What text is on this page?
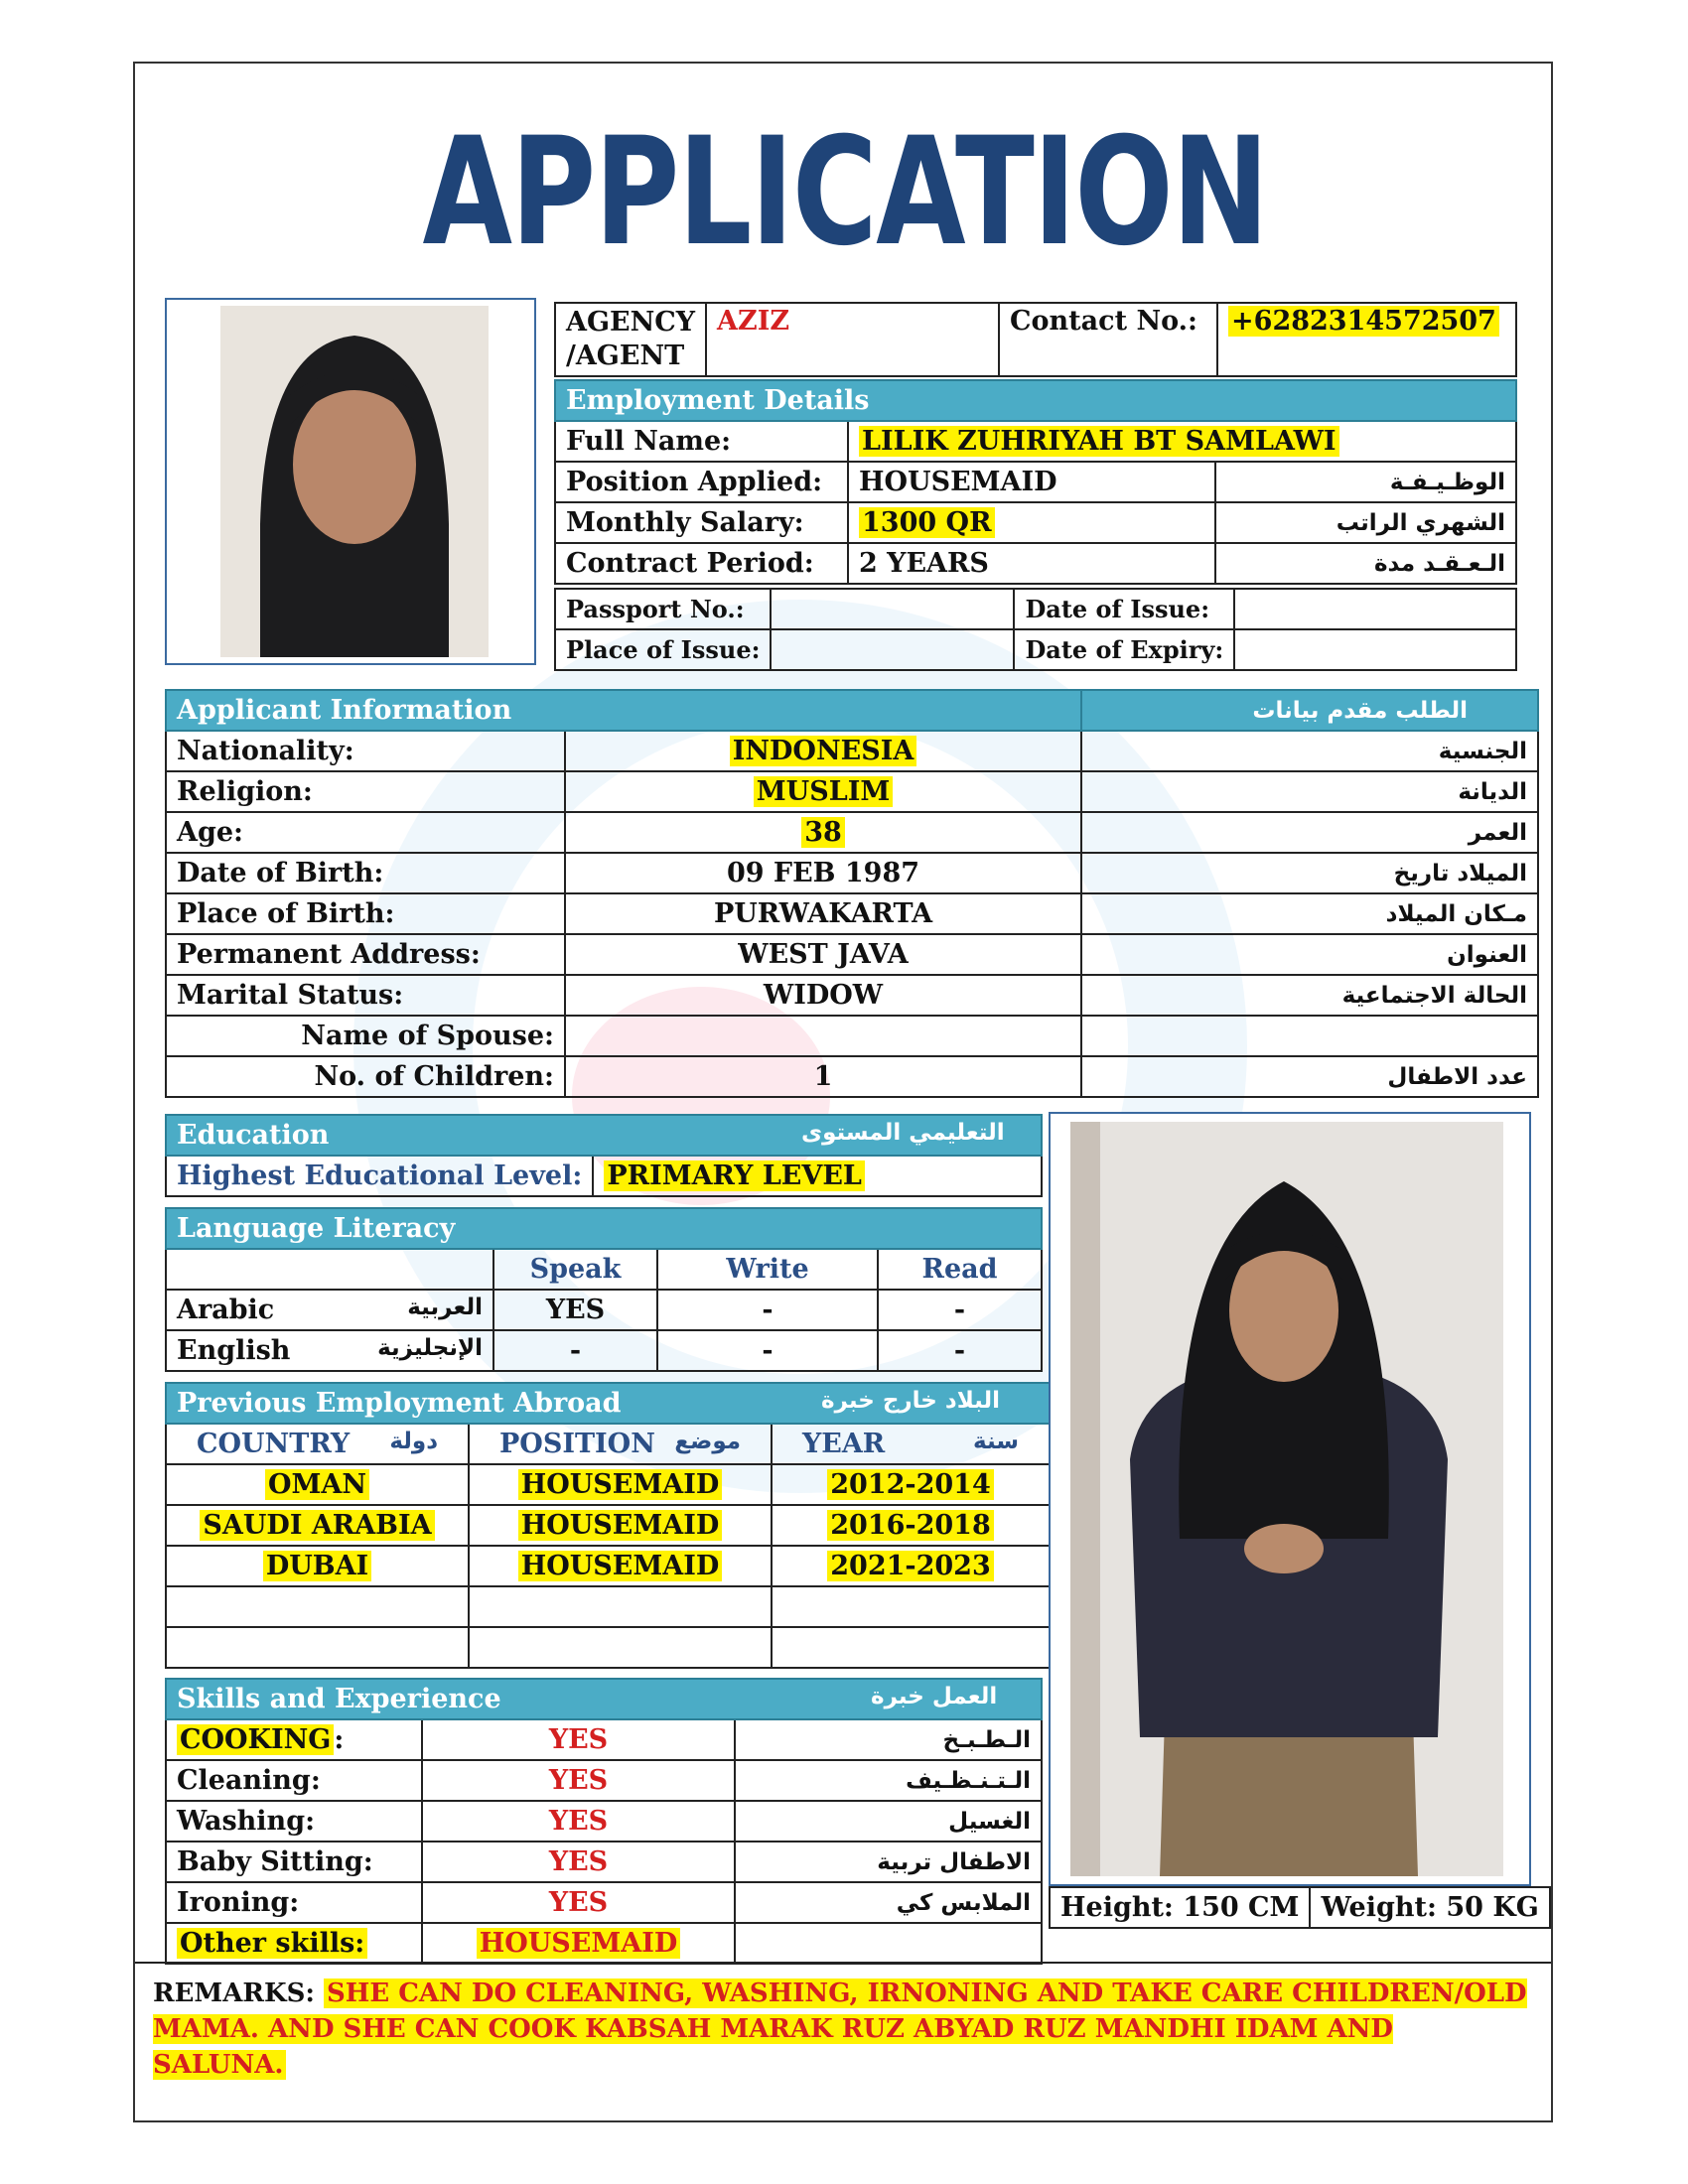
APPLICATION
AGENCY /AGENT	AZIZ	Contact No.:	+6282314572507
Employment Details		
Full Name:	LILIK ZUHRIYAH BT SAMLAWI	
Position Applied:	HOUSEMAID	الوظـيـفـة
Monthly Salary:	1300 QR	الشهري الراتب
Contract Period:	2 YEARS	الـعـقـد مدة
Passport No.:		Date of Issue:	
Place of Issue:		Date of Expiry:	
Applicant Information		الطلب مقدم بيانات
Nationality:	INDONESIA	الجنسية
Religion:	MUSLIM	الديانة
Age:	38	العمر
Date of Birth:	09 FEB 1987	الميلاد تاريخ
Place of Birth:	PURWAKARTA	مـكان الميلاد
Permanent Address:	WEST JAVA	العنوان
Marital Status:	WIDOW	الحالة الاجتماعية
Name of Spouse:		
No. of Children:	1	عدد الاطفال
Education	التعليمي المستوى

Highest Educational Level:	PRIMARY LEVEL
Language Literacy			
	Speak	Write	Read
Arabic العربية	YES	-	-
English الإنجليزية	-	-	-
Previous Employment Abroad البلاد خارج خبرة		

COUNTRY دولة	POSITION موضع	YEAR سنة

OMAN	HOUSEMAID	2012-2014
SAUDI ARABIA	HOUSEMAID	2016-2018
DUBAI	HOUSEMAID	2021-2023

Skills and Experience العمل خبرة		

COOKING :	YES	الـطـبـخ
Cleaning:	YES	الـتـنـظـيف
Washing:	YES	الغسيل
Baby Sitting:	YES	الاطفال تربية
Ironing:	YES	الملابس كي
Other skills:	HOUSEMAID	
Height: 150 CM	Weight: 50 KG
REMARKS: SHE CAN DO CLEANING, WASHING, IRNONING AND TAKE CARE CHILDREN/OLD MAMA. AND SHE CAN COOK KABSAH MARAK RUZ ABYAD RUZ MANDHI IDAM AND SALUNA.
